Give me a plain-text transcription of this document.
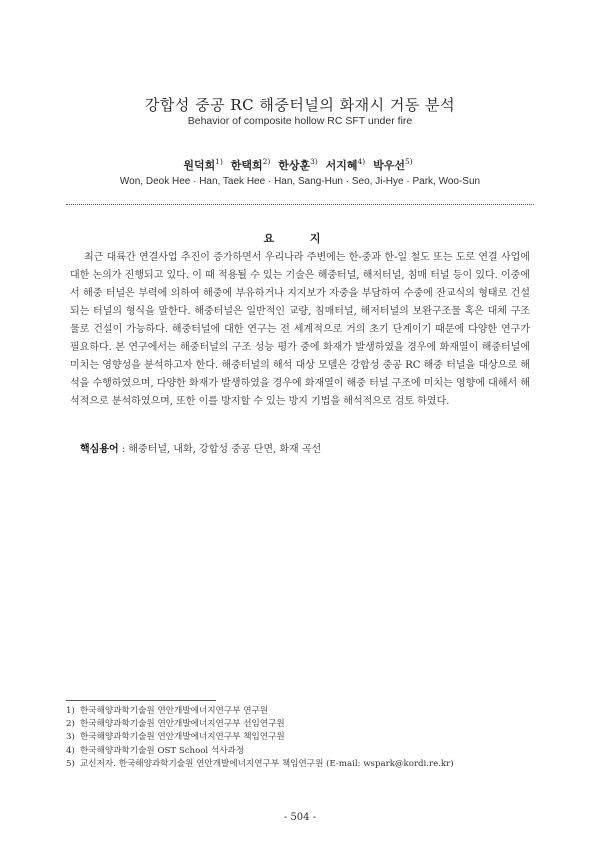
강합성 중공 RC 해중터널의 화재시 거동 분석
Behavior of composite hollow RC SFT under fire
원덕희$^{1)}$ 한택희$^{2)}$ 한상훈$^{3)}$ 서지혜$^{4)}$ 박우선$^{5)}$
Won, Deok Hee · Han, Taek Hee · Han, Sang-Hun · Seo, Ji-Hye · Park, Woo-Sun
요 지

최근 대륙간 연결사업 추진이 증가하면서 우리나라 주변에는 한-중과 한-일 철도 또는 도로 연결 사업에 대한 논의가 진행되고 있다. 이 때 적용될 수 있는 기술은 해중터널, 해저터널, 침매 터널 등이 있다. 이중에서 해중 터널은 부력에 의하여 해중에 부유하거나 지지보가 자중을 부담하여 수중에 잔교식의 형태로 건설되는 터널의 형식을 말한다. 해중터널은 일반적인 교량, 침매터널, 해저터널의 보완구조물 혹은 대체 구조물로 건설이 가능하다. 해중터널에 대한 연구는 전 세계적으로 거의 초기 단계이기 때문에 다양한 연구가 필요하다. 본 연구에서는 해중터널의 구조 성능 평가 중에 화재가 발생하였을 경우에 화재열이 해중터널에 미치는 영향성을 분석하고자 한다. 해중터널의 해석 대상 모델은 강합성 중공 RC 해중 터널을 대상으로 해석을 수행하였으며, 다양한 화재가 발생하였을 경우에 화재열이 해중 터널 구조에 미치는 영향에 대해서 해석적으로 분석하였으며, 또한 이를 방지할 수 있는 방지 기법을 해석적으로 검토 하였다.

핵심용어 : 해중터널, 내화, 강합성 중공 단면, 화재 곡선
1) 한국해양과학기술원 연안개발에너지연구부 연구원
2) 한국해양과학기술원 연안개발에너지연구부 선임연구원
3) 한국해양과학기술원 연안개발에너지연구부 책임연구원
4) 한국해양과학기술원 OST School 석사과정
5) 교신저자. 한국해양과학기술원 연안개발에너지연구부 책임연구원 (E-mail: wspark@kordi.re.kr)
- 504 -
